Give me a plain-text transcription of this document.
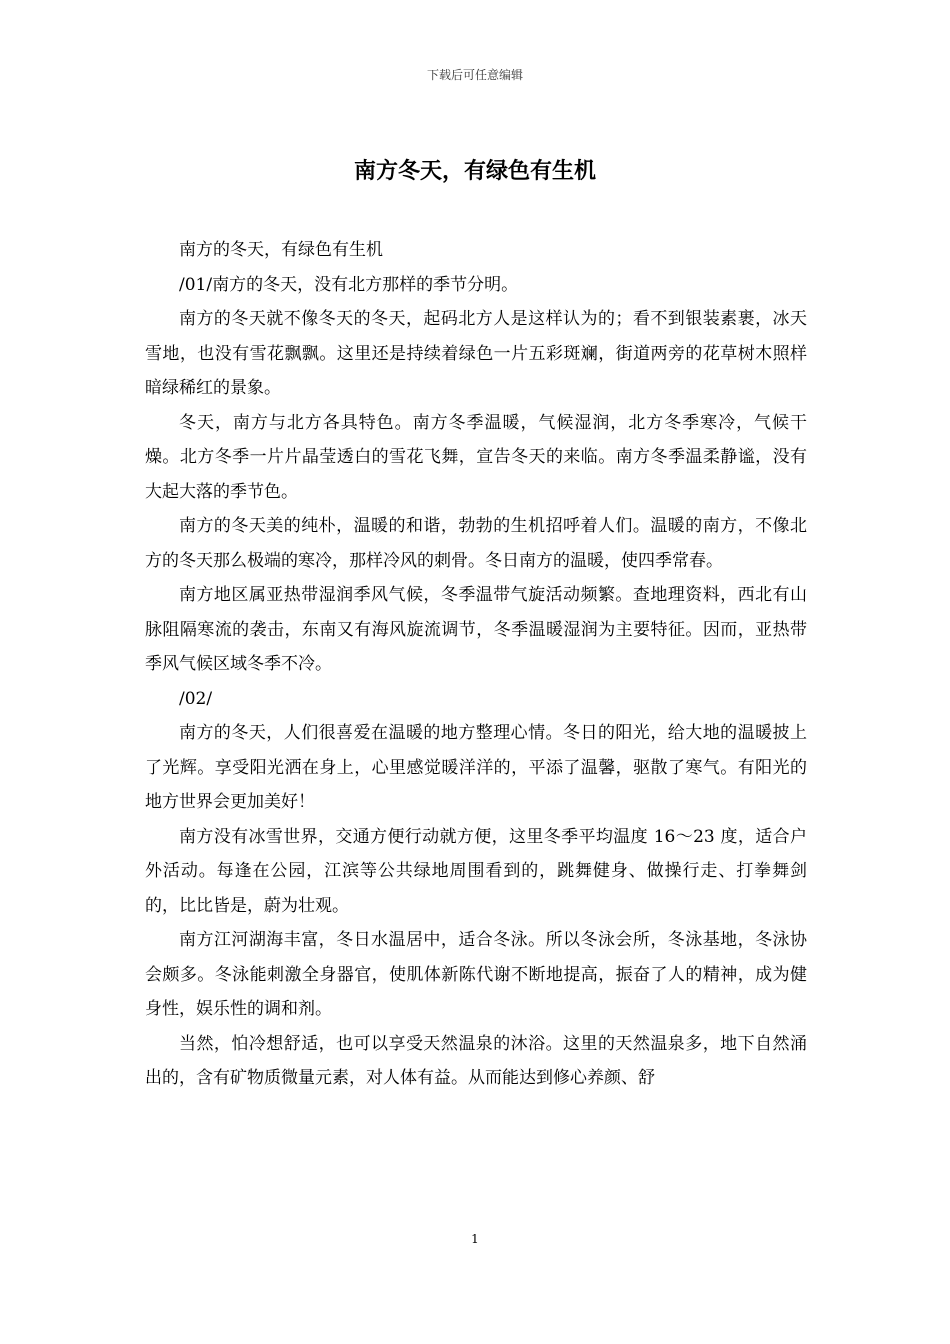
下载后可任意编辑
南方冬天，有绿色有生机

南方的冬天，有绿色有生机

/01/南方的冬天，没有北方那样的季节分明。

南方的冬天就不像冬天的冬天，起码北方人是这样认为的；看不到银装素裹，冰天雪地，也没有雪花飘飘。这里还是持续着绿色一片五彩斑斓，街道两旁的花草树木照样暗绿稀红的景象。

冬天，南方与北方各具特色。南方冬季温暖，气候湿润，北方冬季寒冷，气候干燥。北方冬季一片片晶莹透白的雪花飞舞，宣告冬天的来临。南方冬季温柔静谧，没有大起大落的季节色。

南方的冬天美的纯朴，温暖的和谐，勃勃的生机招呼着人们。温暖的南方，不像北方的冬天那么极端的寒冷，那样冷风的刺骨。冬日南方的温暖，使四季常春。

南方地区属亚热带湿润季风气候，冬季温带气旋活动频繁。查地理资料，西北有山脉阻隔寒流的袭击，东南又有海风旋流调节，冬季温暖湿润为主要特征。因而，亚热带季风气候区域冬季不冷。

/02/

南方的冬天，人们很喜爱在温暖的地方整理心情。冬日的阳光，给大地的温暖披上了光辉。享受阳光洒在身上，心里感觉暖洋洋的，平添了温馨，驱散了寒气。有阳光的地方世界会更加美好！

南方没有冰雪世界，交通方便行动就方便，这里冬季平均温度 16～23 度，适合户外活动。每逢在公园，江滨等公共绿地周围看到的，跳舞健身、做操行走、打拳舞剑的，比比皆是，蔚为壮观。

南方江河湖海丰富，冬日水温居中，适合冬泳。所以冬泳会所，冬泳基地，冬泳协会颇多。冬泳能刺激全身器官，使肌体新陈代谢不断地提高，振奋了人的精神，成为健身性，娱乐性的调和剂。

当然，怕冷想舒适，也可以享受天然温泉的沐浴。这里的天然温泉多，地下自然涌出的，含有矿物质微量元素，对人体有益。从而能达到修心养颜、舒

1
